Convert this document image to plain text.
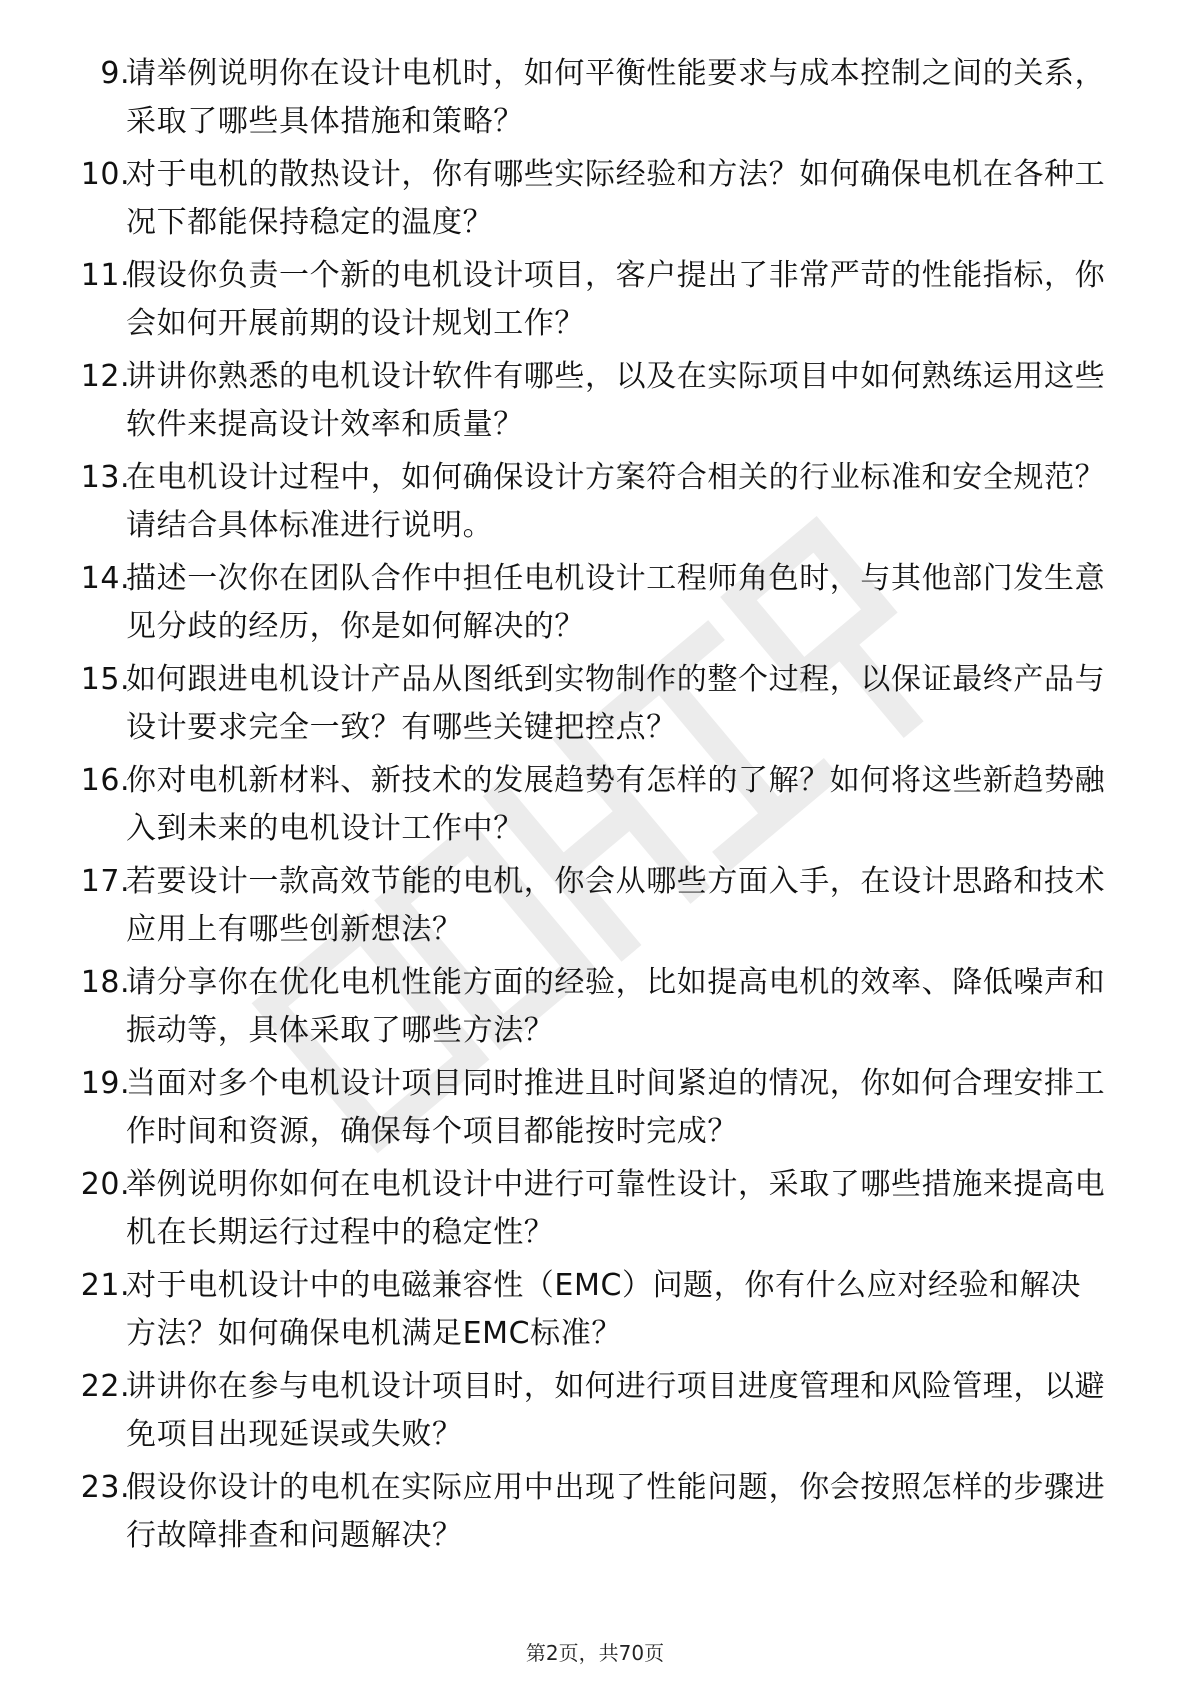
9.
请举例说明你在设计电机时，如何平衡性能要求与成本控制之间的关系，采取了哪些具体措施和策略？
10.
对于电机的散热设计，你有哪些实际经验和方法？如何确保电机在各种工况下都能保持稳定的温度？
11.
假设你负责一个新的电机设计项目，客户提出了非常严苛的性能指标，你会如何开展前期的设计规划工作？
12.
讲讲你熟悉的电机设计软件有哪些，以及在实际项目中如何熟练运用这些软件来提高设计效率和质量？
13.
在电机设计过程中，如何确保设计方案符合相关的行业标准和安全规范？请结合具体标准进行说明。
14.
描述一次你在团队合作中担任电机设计工程师角色时，与其他部门发生意见分歧的经历，你是如何解决的？
15.
如何跟进电机设计产品从图纸到实物制作的整个过程，以保证最终产品与设计要求完全一致？有哪些关键把控点？
16.
你对电机新材料、新技术的发展趋势有怎样的了解？如何将这些新趋势融入到未来的电机设计工作中？
17.
若要设计一款高效节能的电机，你会从哪些方面入手，在设计思路和技术应用上有哪些创新想法？
18.
请分享你在优化电机性能方面的经验，比如提高电机的效率、降低噪声和振动等，具体采取了哪些方法？
19.
当面对多个电机设计项目同时推进且时间紧迫的情况，你如何合理安排工作时间和资源，确保每个项目都能按时完成？
20.
举例说明你如何在电机设计中进行可靠性设计，采取了哪些措施来提高电机在长期运行过程中的稳定性？
21.
对于电机设计中的电磁兼容性（EMC）问题，你有什么应对经验和解决方法？如何确保电机满足EMC标准？
22.
讲讲你在参与电机设计项目时，如何进行项目进度管理和风险管理，以避免项目出现延误或失败？
23.
假设你设计的电机在实际应用中出现了性能问题，你会按照怎样的步骤进行故障排查和问题解决？
第2页，共70页
